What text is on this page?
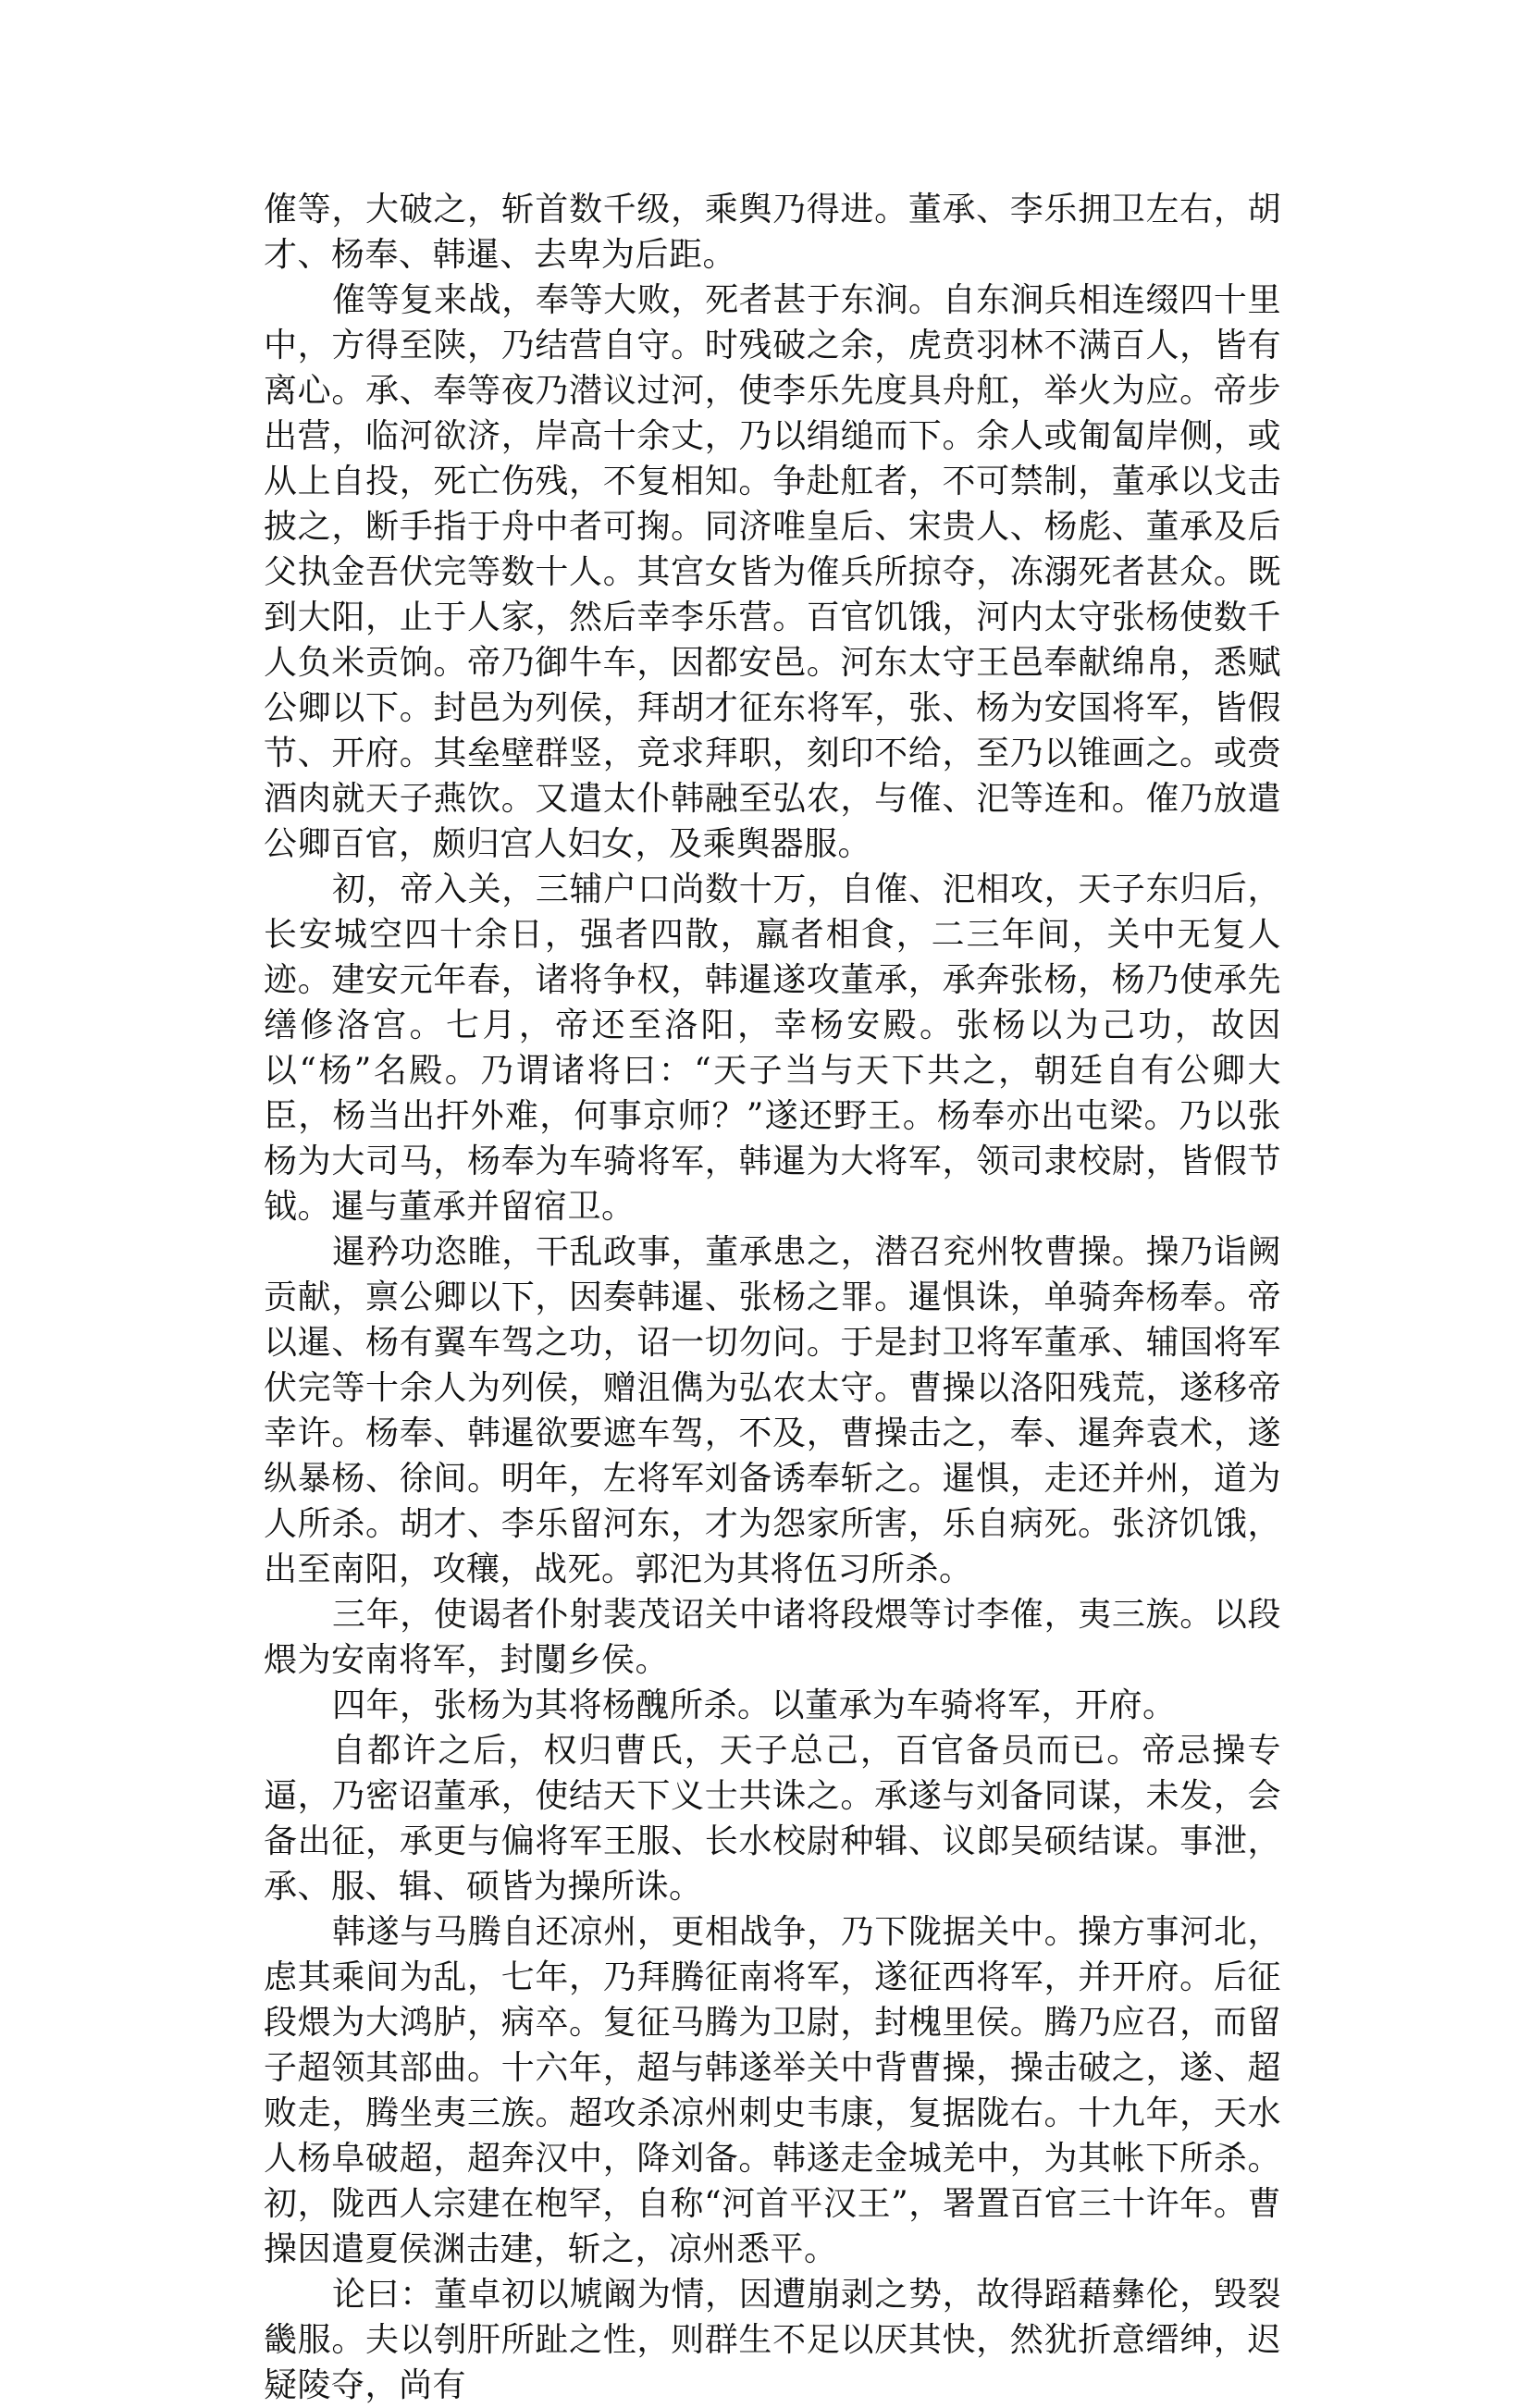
傕等，大破之，斩首数千级，乘舆乃得进。董承、李乐拥卫左右，胡才、杨奉、韩暹、去卑为后距。

傕等复来战，奉等大败，死者甚于东涧。自东涧兵相连缀四十里中，方得至陕，乃结营自守。时残破之余，虎贲羽林不满百人，皆有离心。承、奉等夜乃潜议过河，使李乐先度具舟舡，举火为应。帝步出营，临河欲济，岸高十余丈，乃以绢缒而下。余人或匍匐岸侧，或从上自投，死亡伤残，不复相知。争赴舡者，不可禁制，董承以戈击披之，断手指于舟中者可掬。同济唯皇后、宋贵人、杨彪、董承及后父执金吾伏完等数十人。其宫女皆为傕兵所掠夺，冻溺死者甚众。既到大阳，止于人家，然后幸李乐营。百官饥饿，河内太守张杨使数千人负米贡饷。帝乃御牛车，因都安邑。河东太守王邑奉献绵帛，悉赋公卿以下。封邑为列侯，拜胡才征东将军，张、杨为安国将军，皆假节、开府。其垒壁群竖，竞求拜职，刻印不给，至乃以锥画之。或赍酒肉就天子燕饮。又遣太仆韩融至弘农，与傕、汜等连和。傕乃放遣公卿百官，颇归宫人妇女，及乘舆器服。

初，帝入关，三辅户口尚数十万，自傕、汜相攻，天子东归后，长安城空四十余日，强者四散，羸者相食，二三年间，关中无复人迹。建安元年春，诸将争权，韩暹遂攻董承，承奔张杨，杨乃使承先缮修洛宫。七月，帝还至洛阳，幸杨安殿。张杨以为己功，故因以“杨”名殿。乃谓诸将曰：“天子当与天下共之，朝廷自有公卿大臣，杨当出扞外难，何事京师？”遂还野王。杨奉亦出屯梁。乃以张杨为大司马，杨奉为车骑将军，韩暹为大将军，领司隶校尉，皆假节钺。暹与董承并留宿卫。

暹矜功恣睢，干乱政事，董承患之，潜召兖州牧曹操。操乃诣阙贡献，禀公卿以下，因奏韩暹、张杨之罪。暹惧诛，单骑奔杨奉。帝以暹、杨有翼车驾之功，诏一切勿问。于是封卫将军董承、辅国将军伏完等十余人为列侯，赠沮儁为弘农太守。曹操以洛阳残荒，遂移帝幸许。杨奉、韩暹欲要遮车驾，不及，曹操击之，奉、暹奔袁术，遂纵暴杨、徐间。明年，左将军刘备诱奉斩之。暹惧，走还并州，道为人所杀。胡才、李乐留河东，才为怨家所害，乐自病死。张济饥饿，出至南阳，攻穰，战死。郭汜为其将伍习所杀。

三年，使谒者仆射裴茂诏关中诸将段煨等讨李傕，夷三族。以段煨为安南将军，封闅乡侯。

四年，张杨为其将杨醜所杀。以董承为车骑将军，开府。

自都许之后，权归曹氏，天子总己，百官备员而已。帝忌操专逼，乃密诏董承，使结天下义士共诛之。承遂与刘备同谋，未发，会备出征，承更与偏将军王服、长水校尉种辑、议郎吴硕结谋。事泄，承、服、辑、硕皆为操所诛。

韩遂与马腾自还凉州，更相战争，乃下陇据关中。操方事河北，虑其乘间为乱，七年，乃拜腾征南将军，遂征西将军，并开府。后征段煨为大鸿胪，病卒。复征马腾为卫尉，封槐里侯。腾乃应召，而留子超领其部曲。十六年，超与韩遂举关中背曹操，操击破之，遂、超败走，腾坐夷三族。超攻杀凉州刺史韦康，复据陇右。十九年，天水人杨阜破超，超奔汉中，降刘备。韩遂走金城羌中，为其帐下所杀。初，陇西人宗建在枹罕，自称“河首平汉王”，署置百官三十许年。曹操因遣夏侯渊击建，斩之，凉州悉平。

论曰：董卓初以虓阚为情，因遭崩剥之势，故得蹈藉彝伦，毁裂畿服。夫以刳肝所趾之性，则群生不足以厌其快，然犹折意缙绅，迟疑陵夺，尚有
